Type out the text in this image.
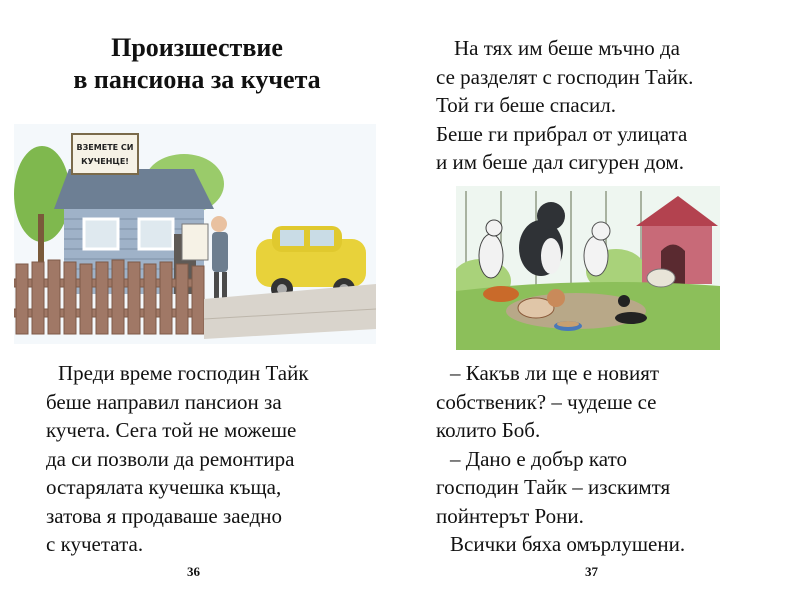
Произшествие
в пансиона за кучета
ВЗЕМЕТЕ СИ
КУЧЕНЦЕ!
Преди време господин Тайк
беше направил пансион за
кучета. Сега той не можеше
да си позволи да ремонтира
остарялата кучешка къща,
затова я продаваше заедно
с кучетата.
36
На тях им беше мъчно да
се разделят с господин Тайк.
Той ги беше спасил.
Беше ги прибрал от улицата
и им беше дал сигурен дом.
– Какъв ли ще е новият
собственик? – чудеше се
колито Боб.
– Дано е добър като
господин Тайк – изскимтя
пойнтерът Рони.
Всички бяха омърлушени.
37
